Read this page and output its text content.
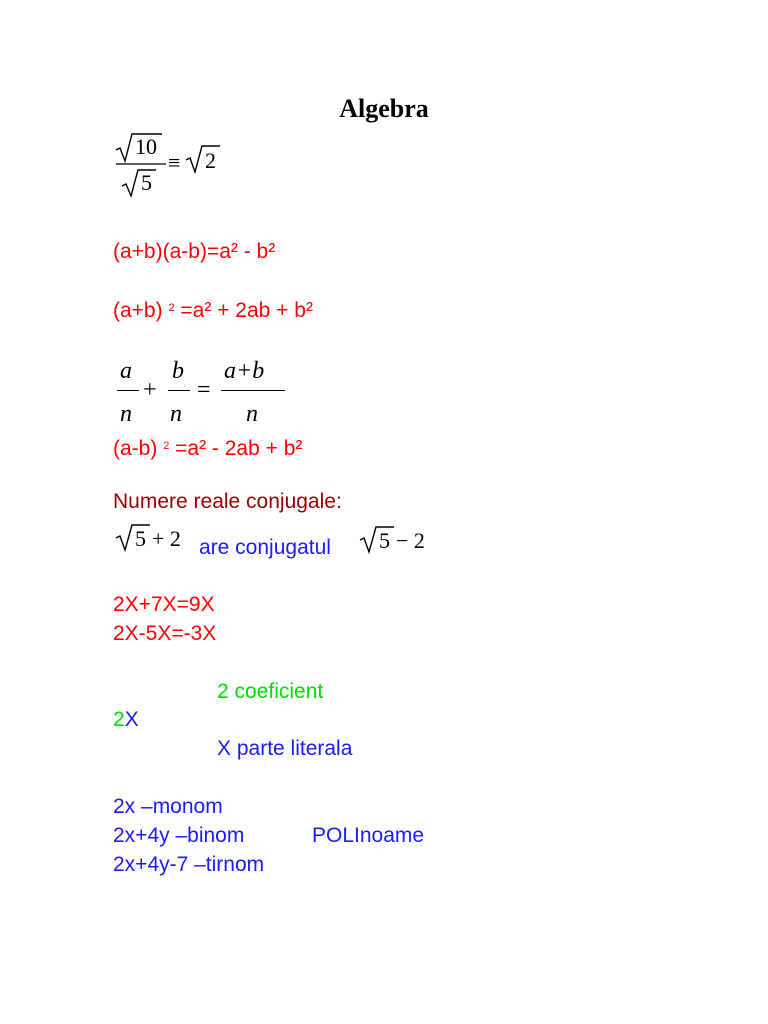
Algebra
10
5
≡ 2
(a+b)(a-b)=a² - b²
(a+b) $^2$ =a² + 2ab + b²
a
n
+
b
n
=
a+b
n
(a-b) $^2$ =a² - 2ab + b²
Numere reale conjugale:
5 + 2 are conjugatul 5 − 2
2X+7X=9X
2X-5X=-3X
2 coeficient
2X
X parte literala
2x –monom
2x+4y –binom	POLInoame
2x+4y-7 –tirnom
